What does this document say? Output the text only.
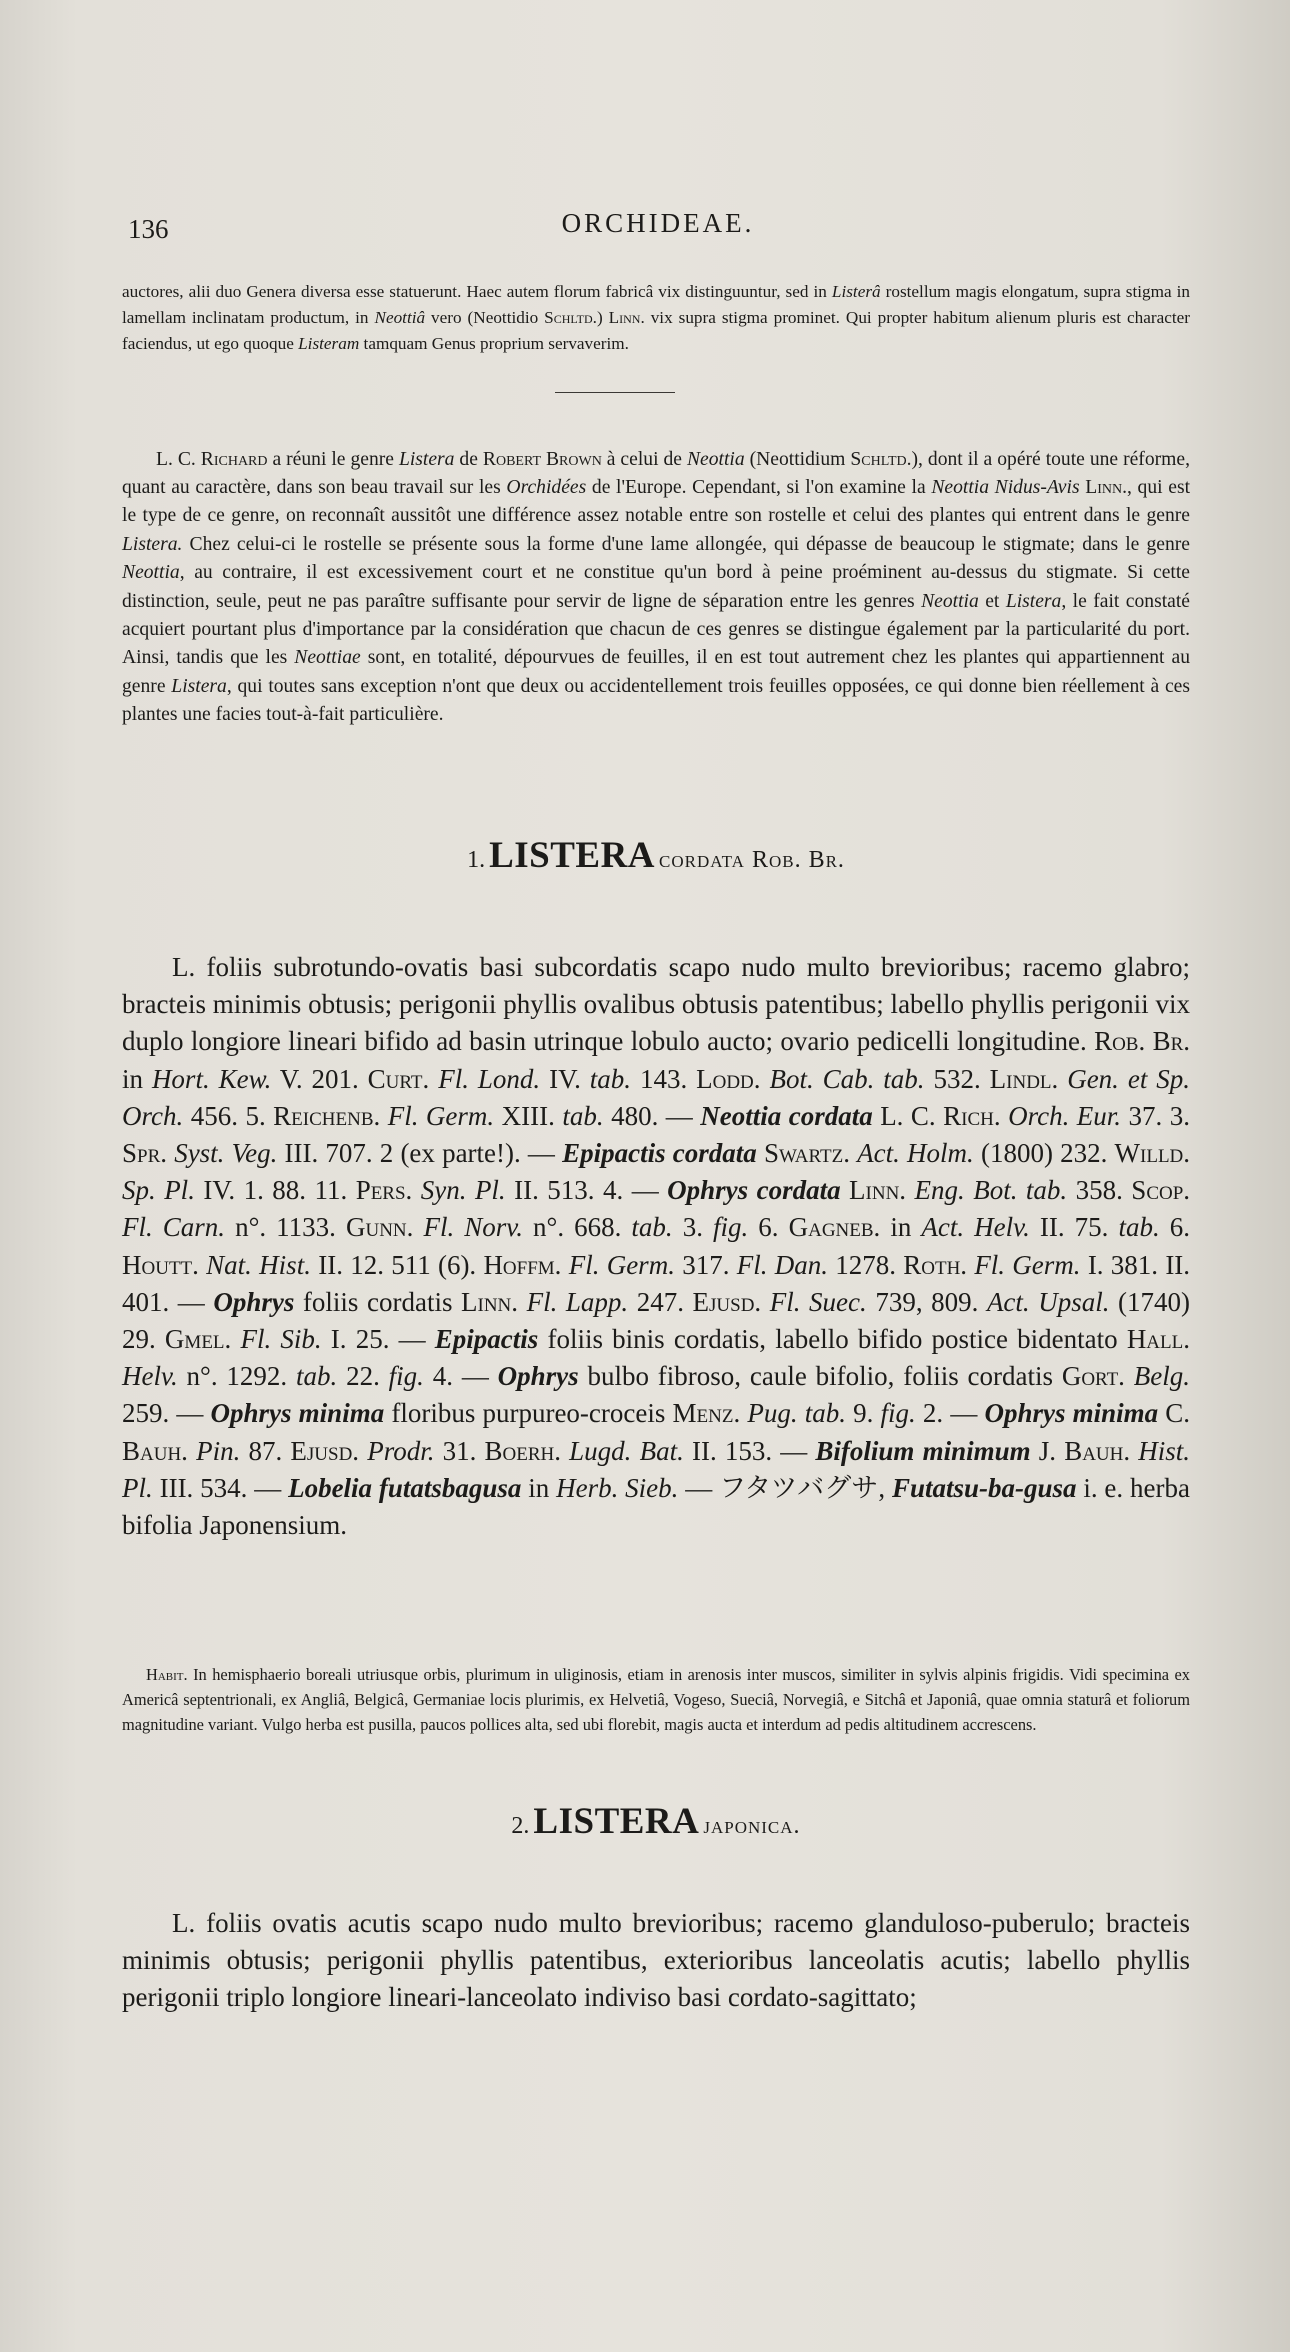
136	ORCHIDEAE.

auctores, alii duo Genera diversa esse statuerunt. Haec autem florum fabricâ vix distinguuntur, sed in Listerâ rostellum magis elongatum, supra stigma in lamellam inclinatam productum, in Neottiâ vero (Neottidio Schltd.) Linn. vix supra stigma prominet. Qui propter habitum alienum pluris est character faciendus, ut ego quoque Listeram tamquam Genus proprium servaverim.

L. C. Richard a réuni le genre Listera de Robert Brown à celui de Neottia (Neottidium Schltd.), dont il a opéré toute une réforme, quant au caractère, dans son beau travail sur les Orchidées de l'Europe. Cependant, si l'on examine la Neottia Nidus-Avis Linn., qui est le type de ce genre, on reconnaît aussitôt une différence assez notable entre son rostelle et celui des plantes qui entrent dans le genre Listera. Chez celui-ci le rostelle se présente sous la forme d'une lame allongée, qui dépasse de beaucoup le stigmate; dans le genre Neottia, au contraire, il est excessivement court et ne constitue qu'un bord à peine proéminent au-dessus du stigmate. Si cette distinction, seule, peut ne pas paraître suffisante pour servir de ligne de séparation entre les genres Neottia et Listera, le fait constaté acquiert pourtant plus d'importance par la considération que chacun de ces genres se distingue également par la particularité du port. Ainsi, tandis que les Neottiae sont, en totalité, dépourvues de feuilles, il en est tout autrement chez les plantes qui appartiennent au genre Listera, qui toutes sans exception n'ont que deux ou accidentellement trois feuilles opposées, ce qui donne bien réellement à ces plantes une facies tout-à-fait particulière.

1. LISTERA cordata Rob. Br.

L. foliis subrotundo-ovatis basi subcordatis scapo nudo multo brevioribus; racemo glabro; bracteis minimis obtusis; perigonii phyllis ovalibus obtusis patentibus; labello phyllis perigonii vix duplo longiore lineari bifido ad basin utrinque lobulo aucto; ovario pedicelli longitudine. Rob. Br. in Hort. Kew. V. 201. Curt. Fl. Lond. IV. tab. 143. Lodd. Bot. Cab. tab. 532. Lindl. Gen. et Sp. Orch. 456. 5. Reichenb. Fl. Germ. XIII. tab. 480. — Neottia cordata L. C. Rich. Orch. Eur. 37. 3. Spr. Syst. Veg. III. 707. 2 (ex parte!). — Epipactis cordata Swartz. Act. Holm. (1800) 232. Willd. Sp. Pl. IV. 1. 88. 11. Pers. Syn. Pl. II. 513. 4. — Ophrys cordata Linn. Eng. Bot. tab. 358. Scop. Fl. Carn. n°. 1133. Gunn. Fl. Norv. n°. 668. tab. 3. fig. 6. Gagneb. in Act. Helv. II. 75. tab. 6. Houtt. Nat. Hist. II. 12. 511 (6). Hoffm. Fl. Germ. 317. Fl. Dan. 1278. Roth. Fl. Germ. I. 381. II. 401. — Ophrys foliis cordatis Linn. Fl. Lapp. 247. Ejusd. Fl. Suec. 739, 809. Act. Upsal. (1740) 29. Gmel. Fl. Sib. I. 25. — Epipactis foliis binis cordatis, labello bifido postice bidentato Hall. Helv. n°. 1292. tab. 22. fig. 4. — Ophrys bulbo fibroso, caule bifolio, foliis cordatis Gort. Belg. 259. — Ophrys minima floribus purpureo-croceis Menz. Pug. tab. 9. fig. 2. — Ophrys minima C. Bauh. Pin. 87. Ejusd. Prodr. 31. Boerh. Lugd. Bat. II. 153. — Bifolium minimum J. Bauh. Hist. Pl. III. 534. — Lobelia futatsbagusa in Herb. Sieb. — フタツバグサ, Futatsu-ba-gusa i. e. herba bifolia Japonensium.

Habit. In hemisphaerio boreali utriusque orbis, plurimum in uliginosis, etiam in arenosis inter muscos, similiter in sylvis alpinis frigidis. Vidi specimina ex Americâ septentrionali, ex Angliâ, Belgicâ, Germaniae locis plurimis, ex Helvetiâ, Vogeso, Sueciâ, Norvegiâ, e Sitchâ et Japoniâ, quae omnia staturâ et foliorum magnitudine variant. Vulgo herba est pusilla, paucos pollices alta, sed ubi florebit, magis aucta et interdum ad pedis altitudinem accrescens.

2. LISTERA japonica.

L. foliis ovatis acutis scapo nudo multo brevioribus; racemo glanduloso-puberulo; bracteis minimis obtusis; perigonii phyllis patentibus, exterioribus lanceolatis acutis; labello phyllis perigonii triplo longiore lineari-lanceolato indiviso basi cordato-sagittato;
